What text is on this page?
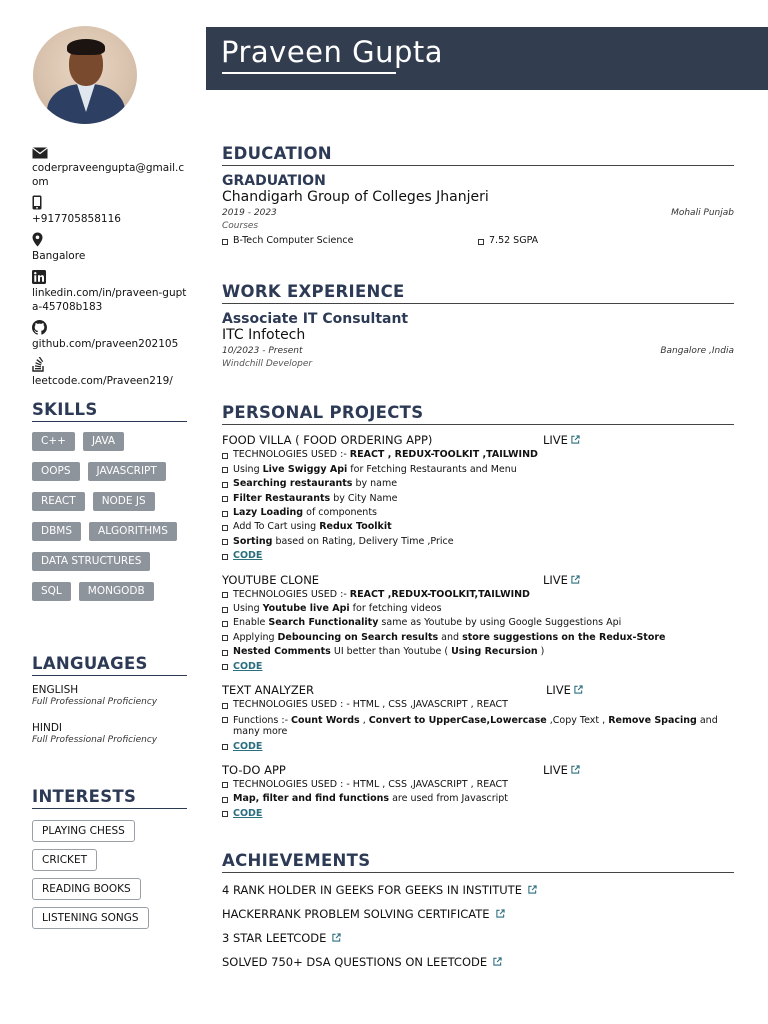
coderpraveengupta@gmail.com
+917705858116
Bangalore
linkedin.com/in/praveen-gupta-45708b183
github.com/praveen202105
leetcode.com/Praveen219/
SKILLS
C++	JAVA
OOPS	JAVASCRIPT
REACT	NODE JS
DBMS	ALGORITHMS
DATA STRUCTURES
SQL	MONGODB
LANGUAGES
ENGLISH
Full Professional Proficiency
HINDI
Full Professional Proficiency
INTERESTS
PLAYING CHESS
CRICKET
READING BOOKS
LISTENING SONGS
Praveen Gupta
EDUCATION
GRADUATION
Chandigarh Group of Colleges Jhanjeri
2019 - 2023	Mohali Punjab
Courses
B-Tech Computer Science	7.52 SGPA
WORK EXPERIENCE
Associate IT Consultant
ITC Infotech
10/2023 - Present	Bangalore ,India
Windchill Developer
PERSONAL PROJECTS
FOOD VILLA ( FOOD ORDERING APP)	LIVE
TECHNOLOGIES USED :- REACT , REDUX-TOOLKIT ,TAILWIND
Using Live Swiggy Api for Fetching Restaurants and Menu
Searching restaurants by name
Filter Restaurants by City Name
Lazy Loading of components
Add To Cart using Redux Toolkit
Sorting based on Rating, Delivery Time ,Price
CODE
YOUTUBE CLONE	LIVE
TECHNOLOGIES USED :- REACT ,REDUX-TOOLKIT,TAILWIND
Using Youtube live Api for fetching videos
Enable Search Functionality same as Youtube by using Google Suggestions Api
Applying Debouncing on Search results and store suggestions on the Redux-Store
Nested Comments UI better than Youtube ( Using Recursion )
CODE
TEXT ANALYZER	LIVE
TECHNOLOGIES USED : - HTML , CSS ,JAVASCRIPT , REACT
Functions :- Count Words , Convert to UpperCase,Lowercase ,Copy Text , Remove Spacing and many more
CODE
TO-DO APP	LIVE
TECHNOLOGIES USED : - HTML , CSS ,JAVASCRIPT , REACT
Map, filter and find functions are used from Javascript
CODE
ACHIEVEMENTS
4 RANK HOLDER IN GEEKS FOR GEEKS IN INSTITUTE
HACKERRANK PROBLEM SOLVING CERTIFICATE
3 STAR LEETCODE
SOLVED 750+ DSA QUESTIONS ON LEETCODE
